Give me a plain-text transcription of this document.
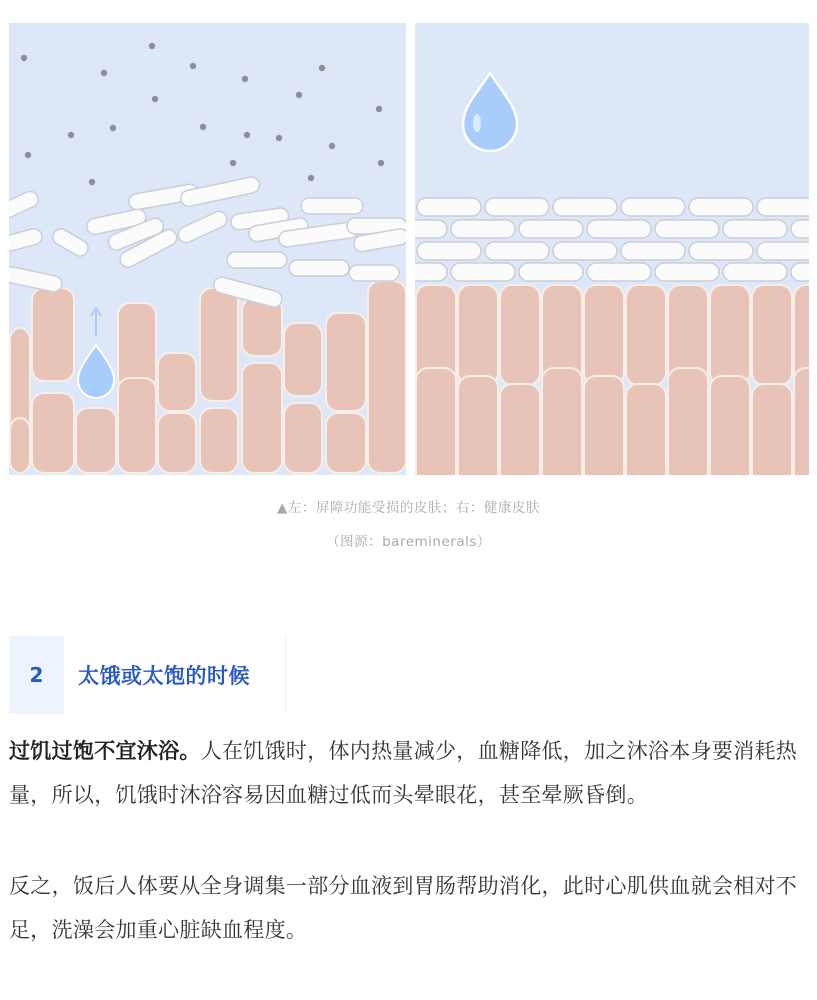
▲左：屏障功能受损的皮肤；右：健康皮肤
（图源：bareminerals）
2	太饿或太饱的时候

过饥过饱不宜沐浴。人在饥饿时，体内热量减少，血糖降低，加之沐浴本身要消耗热量，所以，饥饿时沐浴容易因血糖过低而头晕眼花，甚至晕厥昏倒。

反之，饭后人体要从全身调集一部分血液到胃肠帮助消化，此时心肌供血就会相对不足，洗澡会加重心脏缺血程度。
